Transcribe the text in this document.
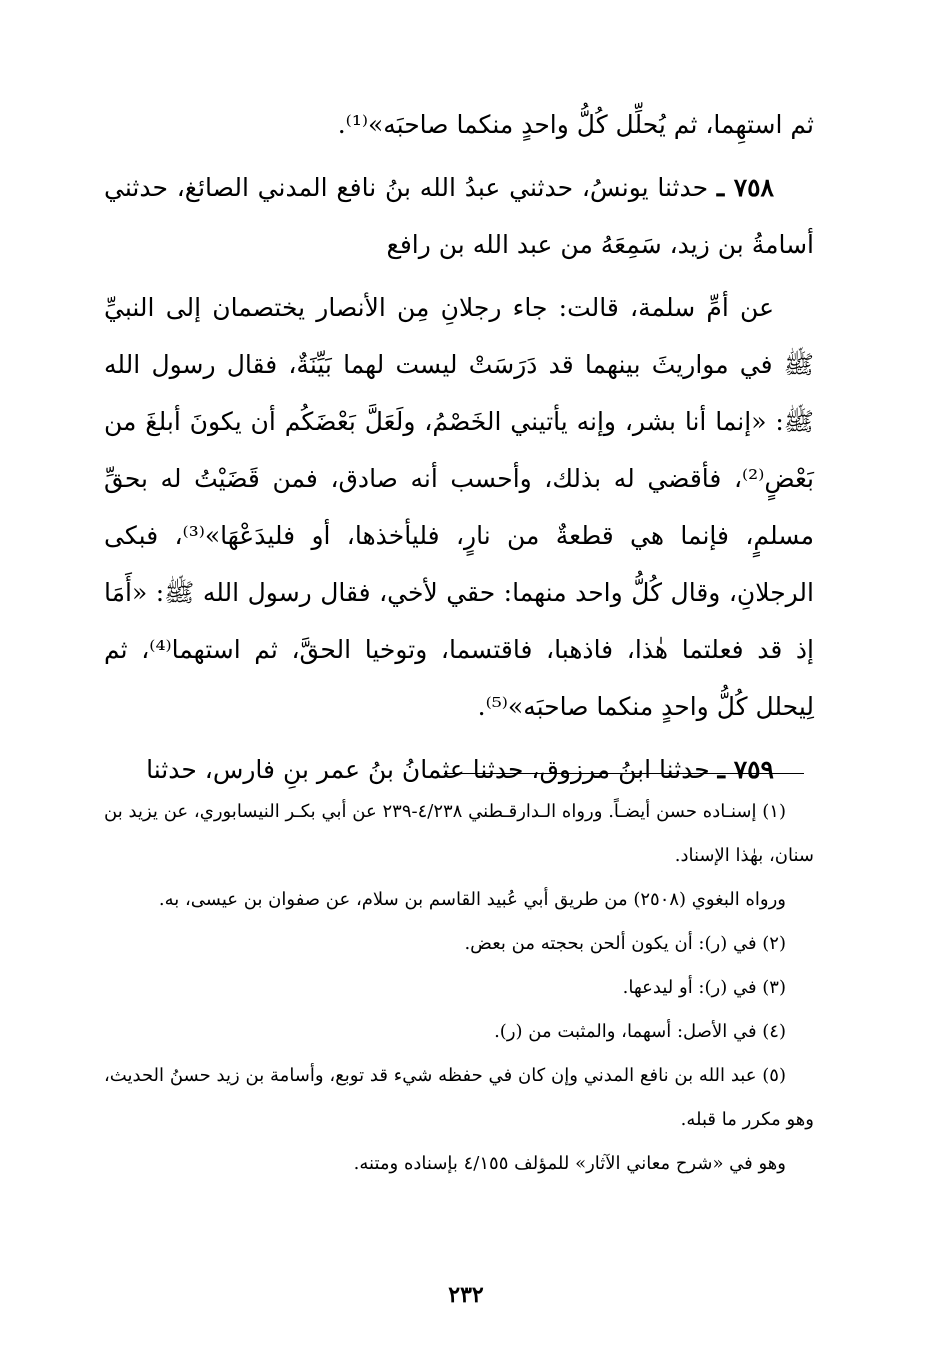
ثم استهِما، ثم يُحلِّل كُلُّ واحدٍ منكما صاحبَه»⁽¹⁾.

٧٥٨ ـ حدثنا يونسُ، حدثني عبدُ الله بنُ نافع المدني الصائغ، حدثني أسامةُ بن زيد، سَمِعَهُ من عبد الله بن رافع

عن أمِّ سلمة، قالت: جاء رجلانِ مِن الأنصار يختصمان إلى النبيِّ ﷺ في مواريثَ بينهما قد دَرَسَتْ ليست لهما بَيِّنَةٌ، فقال رسول الله ﷺ: «إنما أنا بشر، وإنه يأتيني الخَصْمُ، ولَعَلَّ بَعْضَكُم أن يكونَ أبلغَ من بَعْضٍ⁽²⁾، فأقضي له بذلك، وأحسب أنه صادق، فمن قَضَيْتُ له بحقِّ مسلمٍ، فإنما هي قطعةٌ من نارٍ، فليأخذها، أو فليدَعْهَا»⁽³⁾، فبكى الرجلانِ، وقال كُلُّ واحد منهما: حقي لأخي، فقال رسول الله ﷺ: «أَمَا إذ قد فعلتما هٰذا، فاذهبا، فاقتسما، وتوخيا الحقَّ، ثم استهما⁽⁴⁾، ثم لِيحلل كُلُّ واحدٍ منكما صاحبَه»⁽⁵⁾.

٧٥٩ ـ حدثنا ابنُ مرزوق، حدثنا عثمانُ بنُ عمر بنِ فارس، حدثنا

(١) إسنـاده حسن أيضـاً. ورواه الـدارقـطني ٤/٢٣٨-٢٣٩ عن أبي بكـر النيسابوري، عن يزيد بن سنان، بهٰذا الإسناد.

ورواه البغوي (٢٥٠٨) من طريق أبي عُبيد القاسم بن سلام، عن صفوان بن عيسى، به.

(٢) في (ر): أن يكون ألحن بحجته من بعض.

(٣) في (ر): أو ليدعها.

(٤) في الأصل: أسهما، والمثبت من (ر).

(٥) عبد الله بن نافع المدني وإن كان في حفظه شيء قد توبع، وأسامة بن زيد حسنُ الحديث، وهو مكرر ما قبله.

وهو في «شرح معاني الآثار» للمؤلف ٤/١٥٥ بإسناده ومتنه.

٢٣٢
